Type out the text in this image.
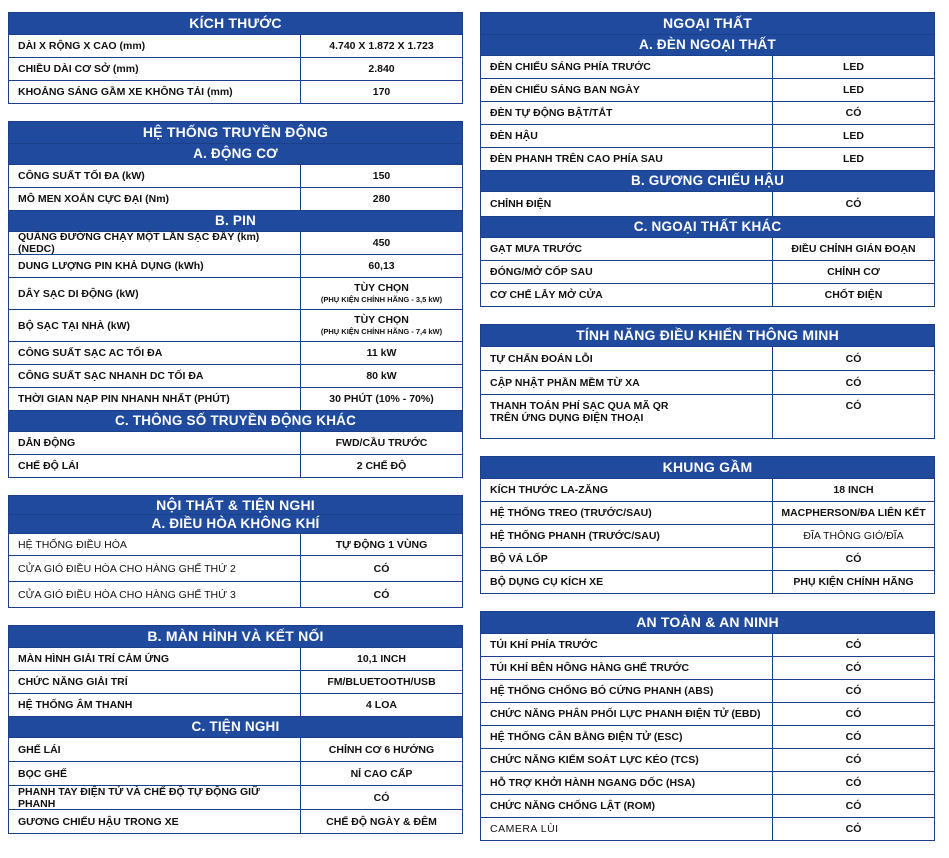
KÍCH THƯỚC
DÀI X RỘNG X CAO (mm)	4.740 X 1.872 X 1.723
CHIỀU DÀI CƠ SỞ (mm)	2.840
KHOẢNG SÁNG GẦM XE KHÔNG TẢI (mm)	170
HỆ THỐNG TRUYỀN ĐỘNG
A. ĐỘNG CƠ
CÔNG SUẤT TỐI ĐA (kW)	150
MÔ MEN XOẮN CỰC ĐẠI (Nm)	280
B. PIN
QUÃNG ĐƯỜNG CHẠY MỘT LẦN SẠC ĐẦY (km) (NEDC)	450
DUNG LƯỢNG PIN KHẢ DỤNG (kWh)	60,13
DÂY SẠC DI ĐỘNG (kW)	TÙY CHỌN
(PHỤ KIỆN CHÍNH HÃNG - 3,5 kW)
BỘ SẠC TẠI NHÀ (kW)	TÙY CHỌN
(PHỤ KIỆN CHÍNH HÃNG - 7,4 kW)
CÔNG SUẤT SẠC AC TỐI ĐA	11 kW
CÔNG SUẤT SẠC NHANH DC TỐI ĐA	80 kW
THỜI GIAN NẠP PIN NHANH NHẤT (PHÚT)	30 PHÚT (10% - 70%)
C. THÔNG SỐ TRUYỀN ĐỘNG KHÁC
DẪN ĐỘNG	FWD/CẦU TRƯỚC
CHẾ ĐỘ LÁI	2 CHẾ ĐỘ
NỘI THẤT & TIỆN NGHI
A. ĐIỀU HÒA KHÔNG KHÍ
HỆ THỐNG ĐIỀU HÒA	TỰ ĐỘNG 1 VÙNG
CỬA GIÓ ĐIỀU HÒA CHO HÀNG GHẾ THỨ 2	CÓ
CỬA GIÓ ĐIỀU HÒA CHO HÀNG GHẾ THỨ 3	CÓ
B. MÀN HÌNH VÀ KẾT NỐI
MÀN HÌNH GIẢI TRÍ CẢM ỨNG	10,1 INCH
CHỨC NĂNG GIẢI TRÍ	FM/BLUETOOTH/USB
HỆ THỐNG ÂM THANH	4 LOA
C. TIỆN NGHI
GHẾ LÁI	CHỈNH CƠ 6 HƯỚNG
BỌC GHẾ	NỈ CAO CẤP
PHANH TAY ĐIỆN TỬ VÀ CHẾ ĐỘ TỰ ĐỘNG GIỮ PHANH	CÓ
GƯƠNG CHIẾU HẬU TRONG XE	CHẾ ĐỘ NGÀY & ĐÊM
NGOẠI THẤT
A. ĐÈN NGOẠI THẤT
ĐÈN CHIẾU SÁNG PHÍA TRƯỚC	LED
ĐÈN CHIẾU SÁNG BAN NGÀY	LED
ĐÈN TỰ ĐỘNG BẬT/TẮT	CÓ
ĐÈN HẬU	LED
ĐÈN PHANH TRÊN CAO PHÍA SAU	LED
B. GƯƠNG CHIẾU HẬU
CHỈNH ĐIỆN	CÓ
C. NGOẠI THẤT KHÁC
GẠT MƯA TRƯỚC	ĐIỀU CHỈNH GIÁN ĐOẠN
ĐÓNG/MỞ CỐP SAU	CHỈNH CƠ
CƠ CHẾ LẪY MỞ CỬA	CHỐT ĐIỆN
TÍNH NĂNG ĐIỀU KHIỂN THÔNG MINH
TỰ CHẨN ĐOÁN LỖI	CÓ
CẬP NHẬT PHẦN MỀM TỪ XA	CÓ
THANH TOÁN PHÍ SẠC QUA MÃ QR
TRÊN ỨNG DỤNG ĐIỆN THOẠI
CÓ
KHUNG GẦM
KÍCH THƯỚC LA-ZĂNG	18 INCH
HỆ THỐNG TREO (TRƯỚC/SAU)	MACPHERSON/ĐA LIÊN KẾT
HỆ THỐNG PHANH (TRƯỚC/SAU)	ĐĨA THÔNG GIÓ/ĐĨA
BỘ VÁ LỐP	CÓ
BỘ DỤNG CỤ KÍCH XE	PHỤ KIỆN CHÍNH HÃNG
AN TOÀN & AN NINH
TÚI KHÍ PHÍA TRƯỚC	CÓ
TÚI KHÍ BÊN HÔNG HÀNG GHẾ TRƯỚC	CÓ
HỆ THỐNG CHỐNG BÓ CỨNG PHANH (ABS)	CÓ
CHỨC NĂNG PHÂN PHỐI LỰC PHANH ĐIỆN TỬ (EBD)	CÓ
HỆ THỐNG CÂN BẰNG ĐIỆN TỬ (ESC)	CÓ
CHỨC NĂNG KIỂM SOÁT LỰC KÉO (TCS)	CÓ
HỖ TRỢ KHỞI HÀNH NGANG DỐC (HSA)	CÓ
CHỨC NĂNG CHỐNG LẬT (ROM)	CÓ
CAMERA LÙI	CÓ
